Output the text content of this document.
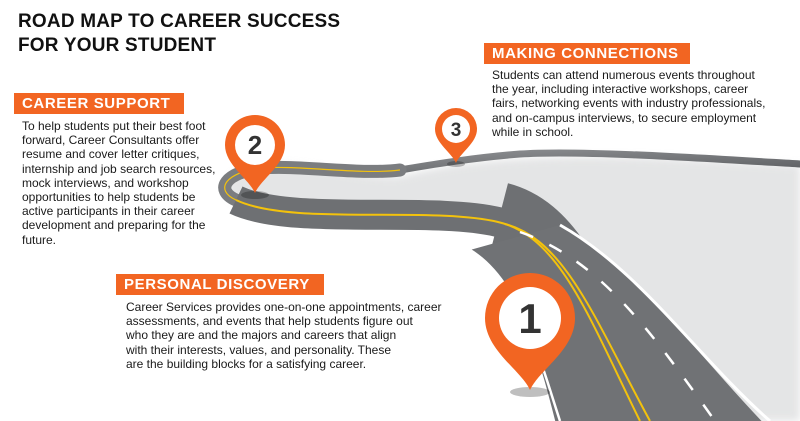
2	3
1
ROAD MAP TO CAREER SUCCESS
FOR YOUR STUDENT
CAREER SUPPORT
To help students put their best foot
forward, Career Consultants offer
resume and cover letter critiques,
internship and job search resources,
mock interviews, and workshop
opportunities to help students be
active participants in their career
development and preparing for the
future.
MAKING CONNECTIONS
Students can attend numerous events throughout
the year, including interactive workshops, career
fairs, networking events with industry professionals,
and on-campus interviews, to secure employment
while in school.
PERSONAL DISCOVERY
Career Services provides one-on-one appointments, career
assessments, and events that help students figure out
who they are and the majors and careers that align
with their interests, values, and personality. These
are the building blocks for a satisfying career.
